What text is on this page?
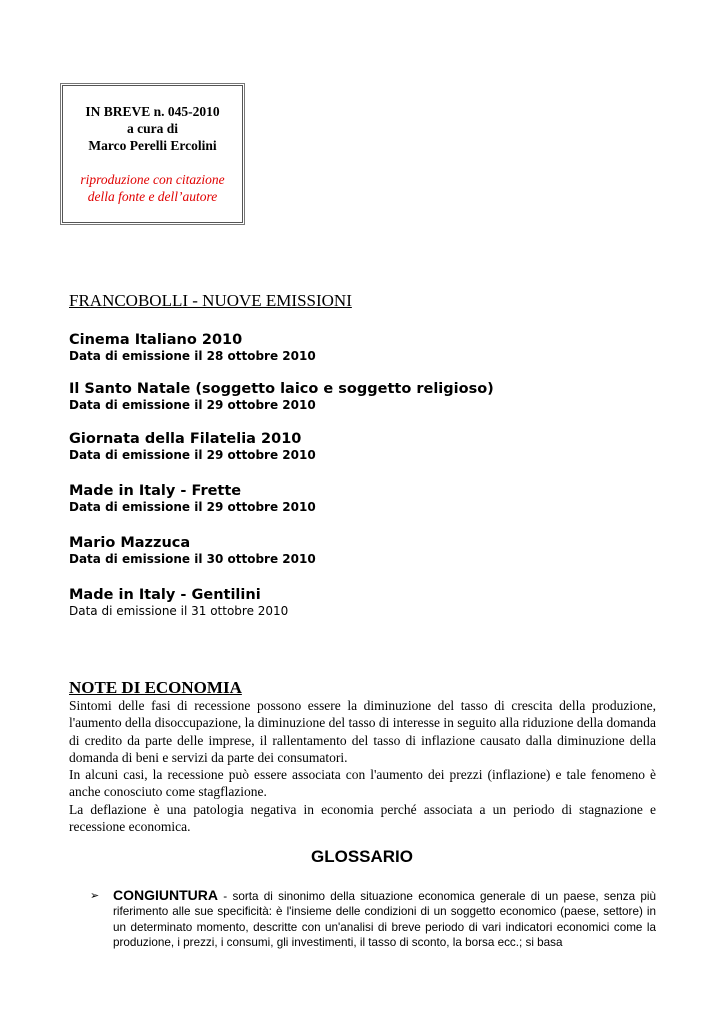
IN BREVE n. 045-2010
a cura di
Marco Perelli Ercolini
riproduzione con citazione
della fonte e dell’autore
FRANCOBOLLI - NUOVE EMISSIONI
Cinema Italiano 2010
Data di emissione il 28 ottobre 2010
Il Santo Natale (soggetto laico e soggetto religioso)
Data di emissione il 29 ottobre 2010
Giornata della Filatelia 2010
Data di emissione il 29 ottobre 2010
Made in Italy - Frette
Data di emissione il 29 ottobre 2010
Mario Mazzuca
Data di emissione il 30 ottobre 2010
Made in Italy - Gentilini
Data di emissione il 31 ottobre 2010
NOTE DI ECONOMIA

Sintomi delle fasi di recessione possono essere la diminuzione del tasso di crescita della produzione, l'aumento della disoccupazione, la diminuzione del tasso di interesse in seguito alla riduzione della domanda di credito da parte delle imprese, il rallentamento del tasso di inflazione causato dalla diminuzione della domanda di beni e servizi da parte dei consumatori.

In alcuni casi, la recessione può essere associata con l'aumento dei prezzi (inflazione) e tale fenomeno è anche conosciuto come stagflazione.

La deflazione è una patologia negativa in economia perché associata a un periodo di stagnazione e recessione economica.

GLOSSARIO
➢ CONGIUNTURA - sorta di sinonimo della situazione economica generale di un paese, senza più riferimento alle sue specificità: è l'insieme delle condizioni di un soggetto economico (paese, settore) in un determinato momento, descritte con un'analisi di breve periodo di vari indicatori economici come la produzione, i prezzi, i consumi, gli investimenti, il tasso di sconto, la borsa ecc.; si basa
